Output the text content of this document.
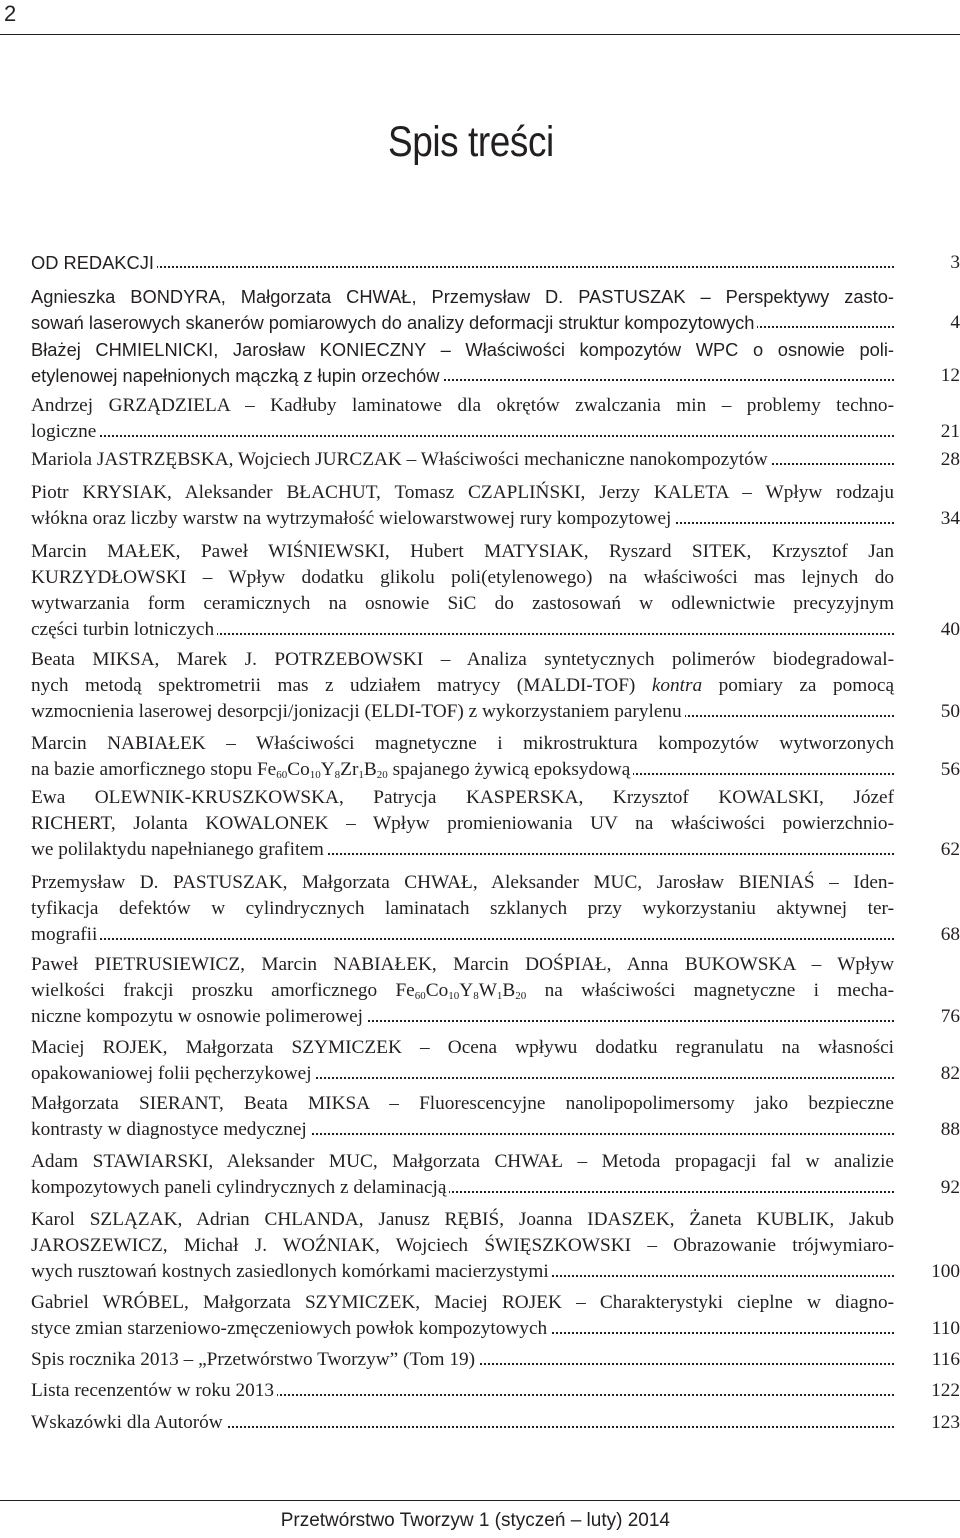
2
Spis treści
OD REDAKCJI	3
Agnieszka BONDYRA, Małgorzata CHWAŁ, Przemysław D. PASTUSZAK – Perspektywy zasto-
sowań laserowych skanerów pomiarowych do analizy deformacji struktur kompozytowych	4
Błażej CHMIELNICKI, Jarosław KONIECZNY – Właściwości kompozytów WPC o osnowie poli-
etylenowej napełnionych mączką z łupin orzechów	12
Andrzej GRZĄDZIELA – Kadłuby laminatowe dla okrętów zwalczania min – problemy techno-
logiczne	21
Mariola JASTRZĘBSKA, Wojciech JURCZAK – Właściwości mechaniczne nanokompozytów	28
Piotr KRYSIAK, Aleksander BŁACHUT, Tomasz CZAPLIŃSKI, Jerzy KALETA – Wpływ rodzaju
włókna oraz liczby warstw na wytrzymałość wielowarstwowej rury kompozytowej	34
Marcin MAŁEK, Paweł WIŚNIEWSKI, Hubert MATYSIAK, Ryszard SITEK, Krzysztof Jan
KURZYDŁOWSKI – Wpływ dodatku glikolu poli(etylenowego) na właściwości mas lejnych do
wytwarzania form ceramicznych na osnowie SiC do zastosowań w odlewnictwie precyzyjnym
części turbin lotniczych	40
Beata MIKSA, Marek J. POTRZEBOWSKI – Analiza syntetycznych polimerów biodegradowal-
nych metodą spektrometrii mas z udziałem matrycy (MALDI-TOF) kontra pomiary za pomocą
wzmocnienia laserowej desorpcji/jonizacji (ELDI-TOF) z wykorzystaniem parylenu	50
Marcin NABIAŁEK – Właściwości magnetyczne i mikrostruktura kompozytów wytworzonych
na bazie amorficznego stopu $Fe_{60}Co_{10}Y_8Zr_1B_{20}$ spajanego żywicą epoksydową	56
Ewa OLEWNIK-KRUSZKOWSKA, Patrycja KASPERSKA, Krzysztof KOWALSKI, Józef
RICHERT, Jolanta KOWALONEK – Wpływ promieniowania UV na właściwości powierzchnio-
we polilaktydu napełnianego grafitem	62
Przemysław D. PASTUSZAK, Małgorzata CHWAŁ, Aleksander MUC, Jarosław BIENIAŚ – Iden-
tyfikacja defektów w cylindrycznych laminatach szklanych przy wykorzystaniu aktywnej ter-
mografii	68
Paweł PIETRUSIEWICZ, Marcin NABIAŁEK, Marcin DOŚPIAŁ, Anna BUKOWSKA – Wpływ
wielkości frakcji proszku amorficznego $Fe_{60}Co_{10}Y_8W_1B_{20}$ na właściwości magnetyczne i mecha-
niczne kompozytu w osnowie polimerowej	76
Maciej ROJEK, Małgorzata SZYMICZEK – Ocena wpływu dodatku regranulatu na własności
opakowaniowej folii pęcherzykowej	82
Małgorzata SIERANT, Beata MIKSA – Fluorescencyjne nanolipopolimersomy jako bezpieczne
kontrasty w diagnostyce medycznej	88
Adam STAWIARSKI, Aleksander MUC, Małgorzata CHWAŁ – Metoda propagacji fal w analizie
kompozytowych paneli cylindrycznych z delaminacją	92
Karol SZLĄZAK, Adrian CHLANDA, Janusz RĘBIŚ, Joanna IDASZEK, Żaneta KUBLIK, Jakub
JAROSZEWICZ, Michał J. WOŹNIAK, Wojciech ŚWIĘSZKOWSKI – Obrazowanie trójwymiaro-
wych rusztowań kostnych zasiedlonych komórkami macierzystymi	100
Gabriel WRÓBEL, Małgorzata SZYMICZEK, Maciej ROJEK – Charakterystyki cieplne w diagno-
styce zmian starzeniowo-zmęczeniowych powłok kompozytowych	110
Spis rocznika 2013 – „Przetwórstwo Tworzyw” (Tom 19)	116
Lista recenzentów w roku 2013	122
Wskazówki dla Autorów	123
Przetwórstwo Tworzyw 1 (styczeń – luty) 2014
